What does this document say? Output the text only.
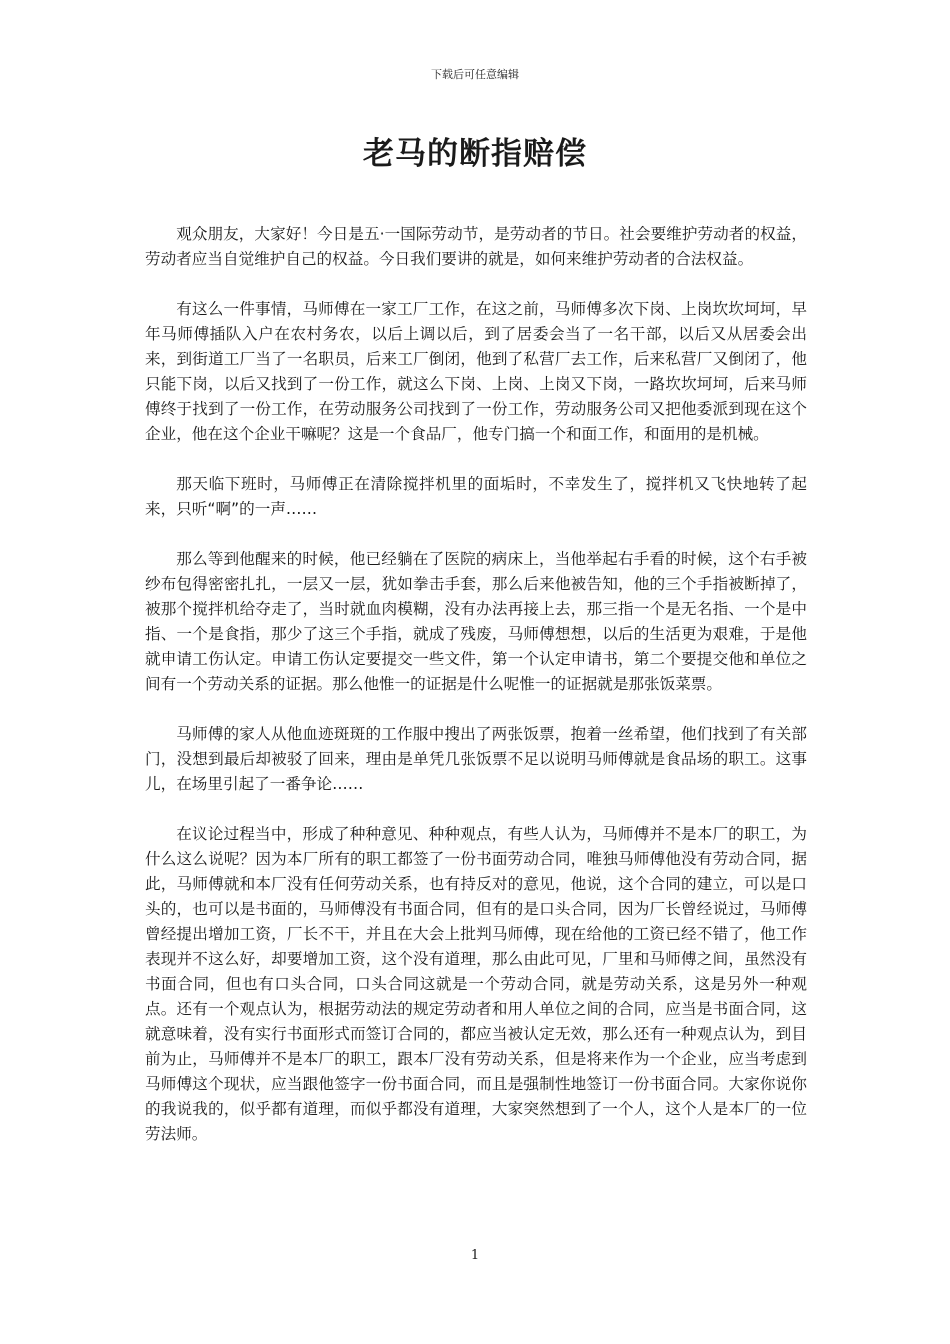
下载后可任意编辑
老马的断指赔偿

观众朋友，大家好！今日是五·一国际劳动节，是劳动者的节日。社会要维护劳动者的权益，劳动者应当自觉维护自己的权益。今日我们要讲的就是，如何来维护劳动者的合法权益。

有这么一件事情，马师傅在一家工厂工作，在这之前，马师傅多次下岗、上岗坎坎坷坷，早年马师傅插队入户在农村务农，以后上调以后，到了居委会当了一名干部，以后又从居委会出来，到街道工厂当了一名职员，后来工厂倒闭，他到了私营厂去工作，后来私营厂又倒闭了，他只能下岗，以后又找到了一份工作，就这么下岗、上岗、上岗又下岗，一路坎坎坷坷，后来马师傅终于找到了一份工作，在劳动服务公司找到了一份工作，劳动服务公司又把他委派到现在这个企业，他在这个企业干嘛呢？这是一个食品厂，他专门搞一个和面工作，和面用的是机械。

那天临下班时，马师傅正在清除搅拌机里的面垢时，不幸发生了，搅拌机又飞快地转了起来，只听“啊”的一声……

那么等到他醒来的时候，他已经躺在了医院的病床上，当他举起右手看的时候，这个右手被纱布包得密密扎扎，一层又一层，犹如拳击手套，那么后来他被告知，他的三个手指被断掉了，被那个搅拌机给夺走了，当时就血肉模糊，没有办法再接上去，那三指一个是无名指、一个是中指、一个是食指，那少了这三个手指，就成了残废，马师傅想想，以后的生活更为艰难，于是他就申请工伤认定。申请工伤认定要提交一些文件，第一个认定申请书，第二个要提交他和单位之间有一个劳动关系的证据。那么他惟一的证据是什么呢惟一的证据就是那张饭菜票。

马师傅的家人从他血迹斑斑的工作服中搜出了两张饭票，抱着一丝希望，他们找到了有关部门，没想到最后却被驳了回来，理由是单凭几张饭票不足以说明马师傅就是食品场的职工。这事儿，在场里引起了一番争论……

在议论过程当中，形成了种种意见、种种观点，有些人认为，马师傅并不是本厂的职工，为什么这么说呢？因为本厂所有的职工都签了一份书面劳动合同，唯独马师傅他没有劳动合同，据此，马师傅就和本厂没有任何劳动关系，也有持反对的意见，他说，这个合同的建立，可以是口头的，也可以是书面的，马师傅没有书面合同，但有的是口头合同，因为厂长曾经说过，马师傅曾经提出增加工资，厂长不干，并且在大会上批判马师傅，现在给他的工资已经不错了，他工作表现并不这么好，却要增加工资，这个没有道理，那么由此可见，厂里和马师傅之间，虽然没有书面合同，但也有口头合同，口头合同这就是一个劳动合同，就是劳动关系，这是另外一种观点。还有一个观点认为，根据劳动法的规定劳动者和用人单位之间的合同，应当是书面合同，这就意味着，没有实行书面形式而签订合同的，都应当被认定无效，那么还有一种观点认为，到目前为止，马师傅并不是本厂的职工，跟本厂没有劳动关系，但是将来作为一个企业，应当考虑到马师傅这个现状，应当跟他签字一份书面合同，而且是强制性地签订一份书面合同。大家你说你的我说我的，似乎都有道理，而似乎都没有道理，大家突然想到了一个人，这个人是本厂的一位劳法师。

1
